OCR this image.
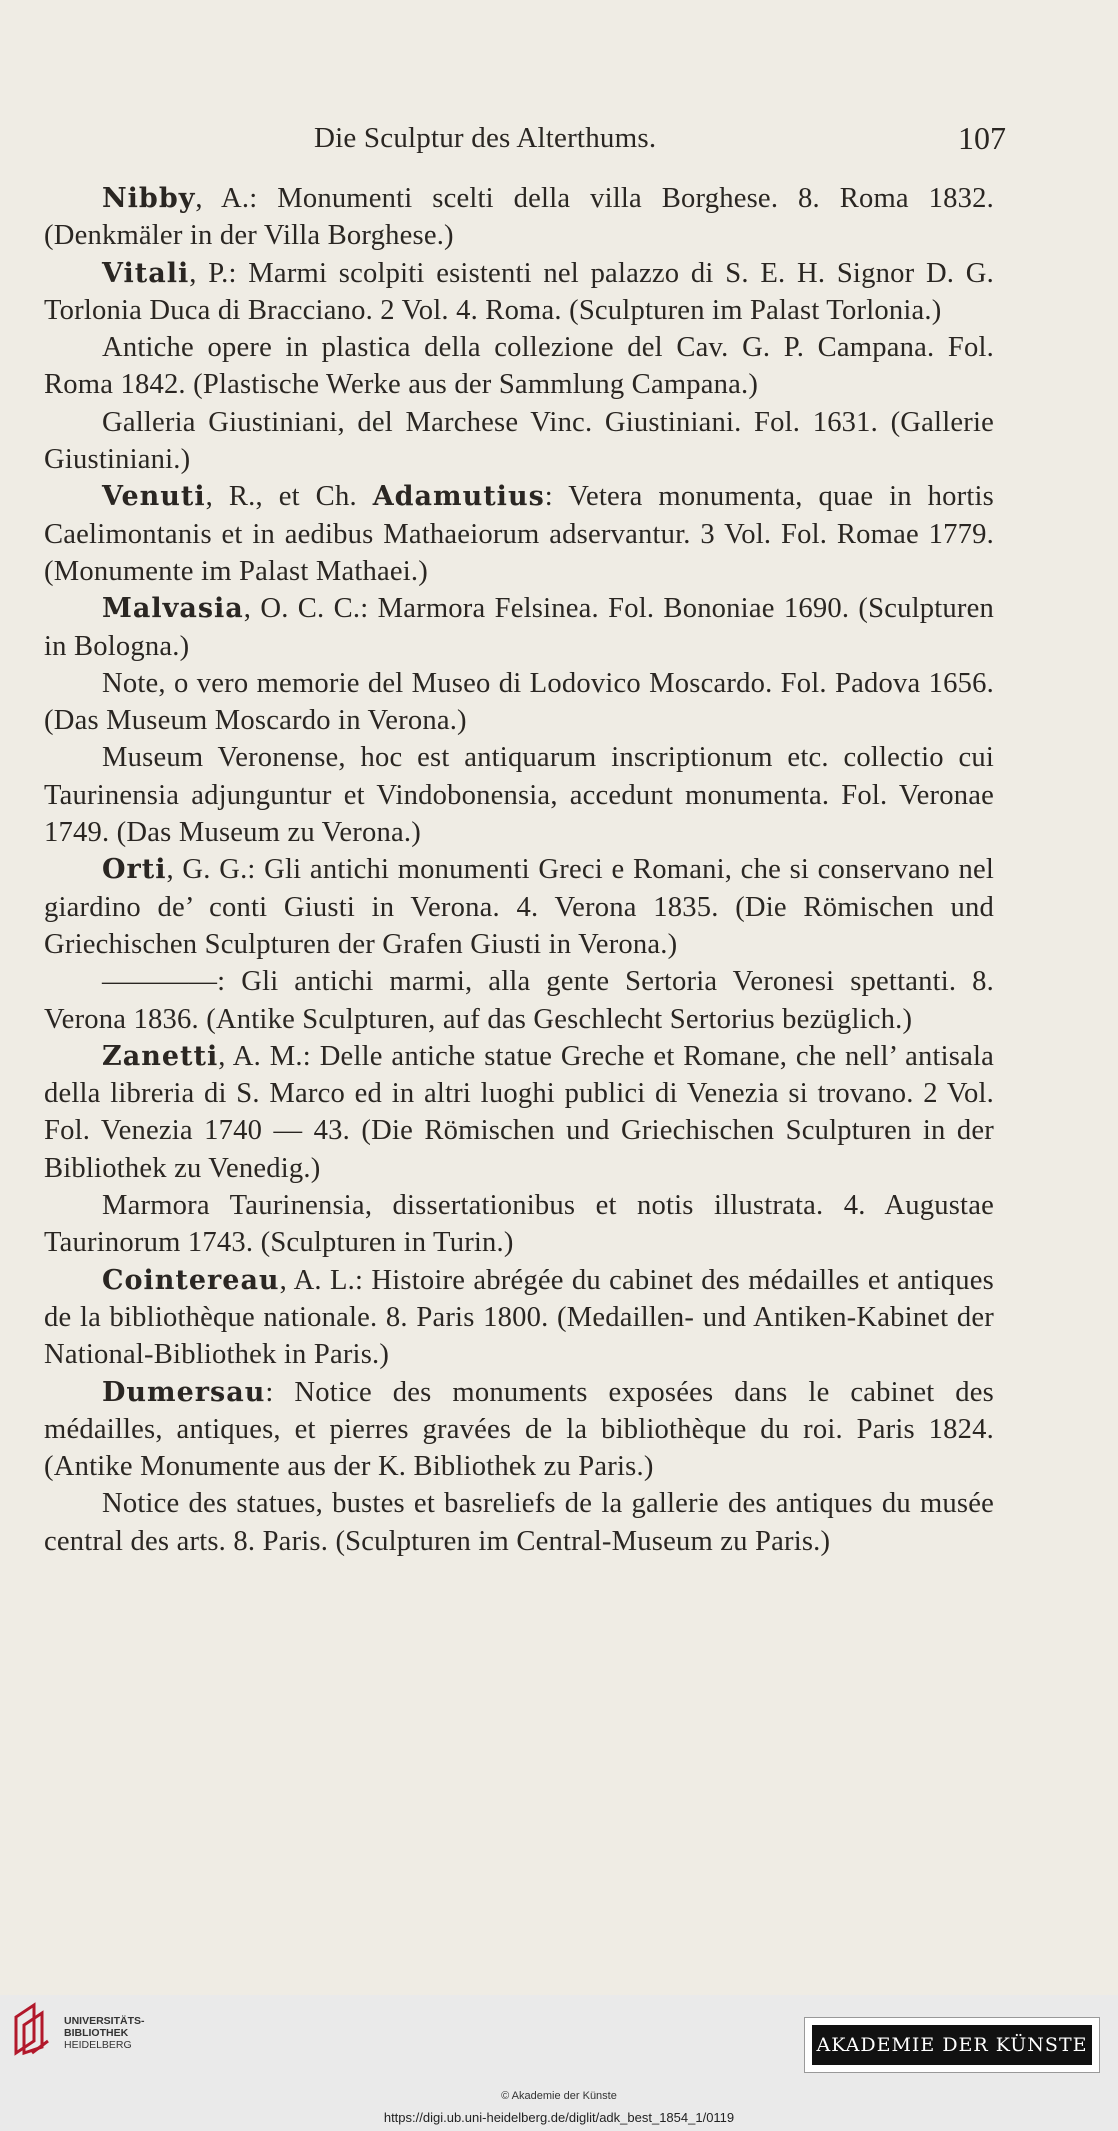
Die Sculptur des Alterthums.	107

Nibby, A.: Monumenti scelti della villa Borghese. 8. Roma 1832. (Denkmäler in der Villa Borghese.)

Vitali, P.: Marmi scolpiti esistenti nel palazzo di S. E. H. Signor D. G. Torlonia Duca di Bracciano. 2 Vol. 4. Roma. (Sculpturen im Palast Torlonia.)

Antiche opere in plastica della collezione del Cav. G. P. Campana. Fol. Roma 1842. (Plastische Werke aus der Sammlung Campana.)

Galleria Giustiniani, del Marchese Vinc. Giustiniani. Fol. 1631. (Gallerie Giustiniani.)

Venuti, R., et Ch. Adamutius: Vetera monumenta, quae in hortis Caelimontanis et in aedibus Mathaeiorum adservantur. 3 Vol. Fol. Romae 1779. (Monumente im Palast Mathaei.)

Malvasia, O. C. C.: Marmora Felsinea. Fol. Bononiae 1690. (Sculpturen in Bologna.)

Note, o vero memorie del Museo di Lodovico Moscardo. Fol. Padova 1656. (Das Museum Moscardo in Verona.)

Museum Veronense, hoc est antiquarum inscriptionum etc. collectio cui Taurinensia adjunguntur et Vindobonensia, accedunt monumenta. Fol. Veronae 1749. (Das Museum zu Verona.)

Orti, G. G.: Gli antichi monumenti Greci e Romani, che si conservano nel giardino de’ conti Giusti in Verona. 4. Verona 1835. (Die Römischen und Griechischen Sculpturen der Grafen Giusti in Verona.)

————: Gli antichi marmi, alla gente Sertoria Veronesi spettanti. 8. Verona 1836. (Antike Sculpturen, auf das Geschlecht Sertorius bezüglich.)

Zanetti, A. M.: Delle antiche statue Greche et Romane, che nell’ antisala della libreria di S. Marco ed in altri luoghi publici di Venezia si trovano. 2 Vol. Fol. Venezia 1740 — 43. (Die Römischen und Griechischen Sculpturen in der Bibliothek zu Venedig.)

Marmora Taurinensia, dissertationibus et notis illustrata. 4. Augustae Taurinorum 1743. (Sculpturen in Turin.)

Cointereau, A. L.: Histoire abrégée du cabinet des médailles et antiques de la bibliothèque nationale. 8. Paris 1800. (Medaillen- und Antiken-Kabinet der National-Bibliothek in Paris.)

Dumersau: Notice des monuments exposées dans le cabinet des médailles, antiques, et pierres gravées de la bibliothèque du roi. Paris 1824. (Antike Monumente aus der K. Bibliothek zu Paris.)

Notice des statues, bustes et basreliefs de la gallerie des antiques du musée central des arts. 8. Paris. (Sculpturen im Central-Museum zu Paris.)

UNIVERSITÄTS-
BIBLIOTHEK
HEIDELBERG	AKADEMIE DER KÜNSTE
© Akademie der Künste
https://digi.ub.uni-heidelberg.de/diglit/adk_best_1854_1/0119
